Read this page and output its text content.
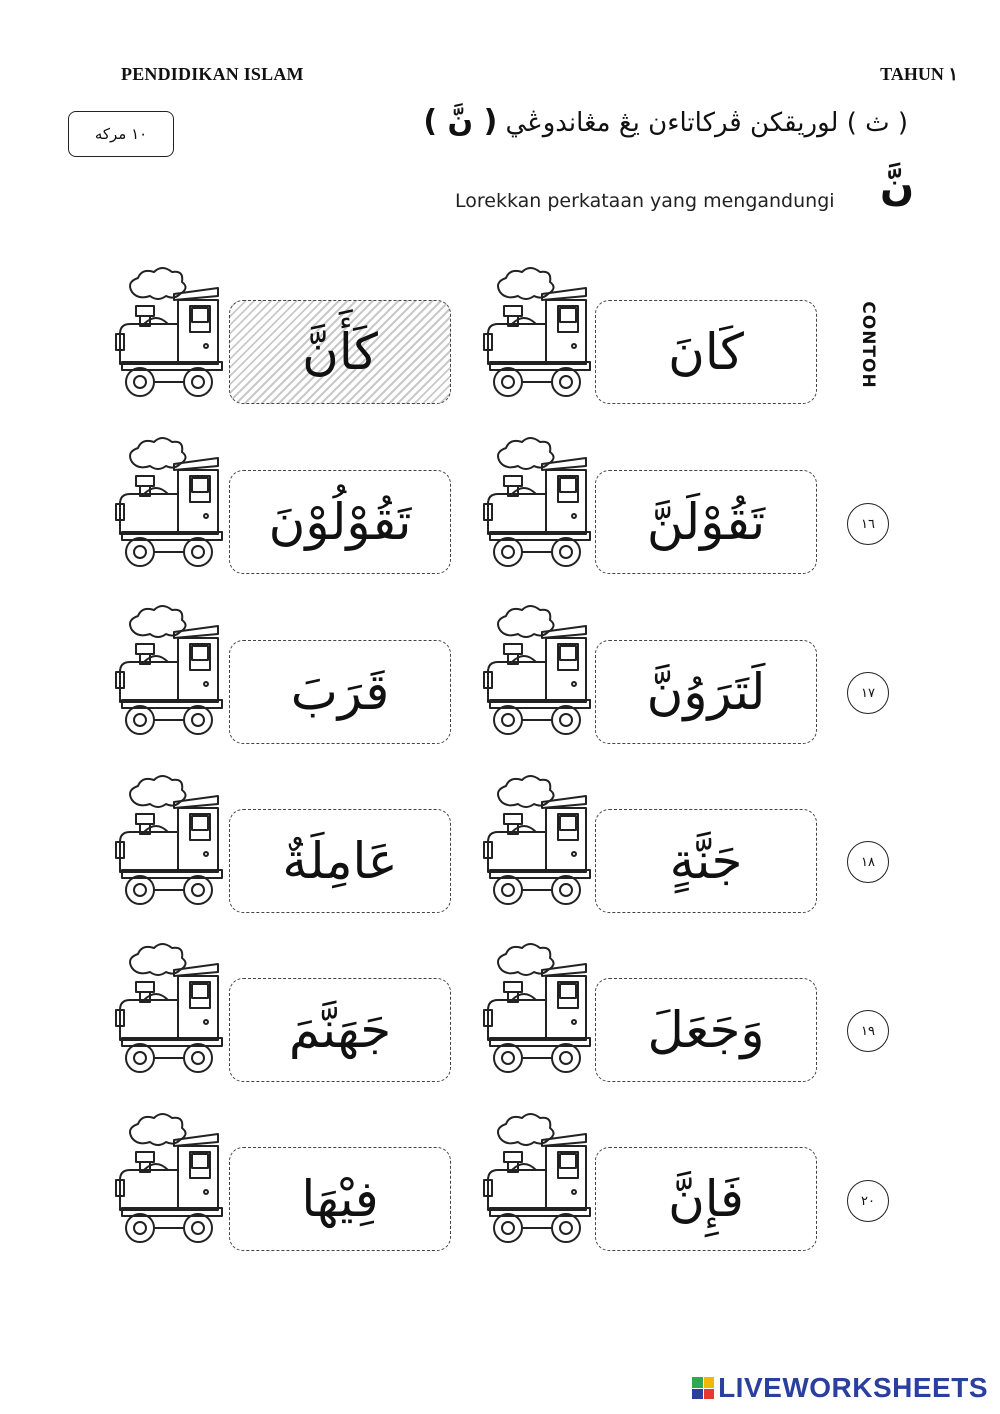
PENDIDIKAN ISLAM	TAHUN ١
١٠ مركه	( ث ) لوريقكن ڤركاتاءن يڠ مڠاندوڠي ( نَّ )
Lorekkan perkataan yang mengandungi نَّ
CONTOH
كَأَنَّ	كَانَ
تَقُوْلُوْنَ	تَقُوْلَنَّ	١٦
قَرَبَ	لَتَرَوُنَّ	١٧
عَامِلَةٌ	جَنَّةٍ	١٨
جَهَنَّمَ	وَجَعَلَ	١٩
فِيْهَا	فَإِنَّ	٢٠
LIVEWORKSHEETS
